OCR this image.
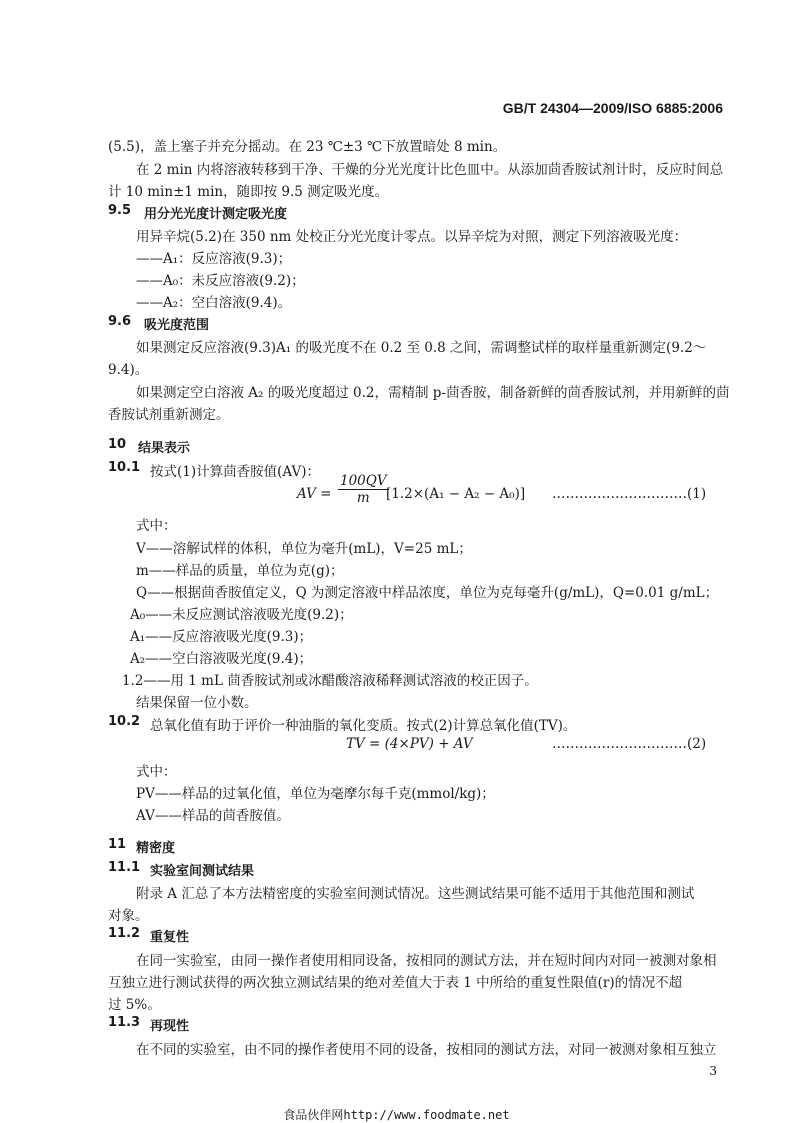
GB/T 24304—2009/ISO 6885:2006
(5.5)，盖上塞子并充分摇动。在 23 ℃±3 ℃下放置暗处 8 min。
在 2 min 内将溶液转移到干净、干燥的分光光度计比色皿中。从添加茴香胺试剂计时，反应时间总
计 10 min±1 min，随即按 9.5 测定吸光度。
9.5 用分光光度计测定吸光度
用异辛烷(5.2)在 350 nm 处校正分光光度计零点。以异辛烷为对照，测定下列溶液吸光度：
——A₁：反应溶液(9.3)；
——A₀：未反应溶液(9.2)；
——A₂：空白溶液(9.4)。
9.6 吸光度范围
如果测定反应溶液(9.3)A₁ 的吸光度不在 0.2 至 0.8 之间，需调整试样的取样量重新测定(9.2～
9.4)。
如果测定空白溶液 A₂ 的吸光度超过 0.2，需精制 p-茴香胺，制备新鲜的茴香胺试剂，并用新鲜的茴
香胺试剂重新测定。
10 结果表示
10.1 按式(1)计算茴香胺值(AV)：
AV = $\frac{100QV}{m}$
[1.2×(A₁ − A₂ − A₀)] …………………………(1)
式中：
V——溶解试样的体积，单位为毫升(mL)，V=25 mL；
m——样品的质量，单位为克(g)；
Q——根据茴香胺值定义，Q 为测定溶液中样品浓度，单位为克每毫升(g/mL)，Q=0.01 g/mL；
A₀——未反应测试溶液吸光度(9.2)；
A₁——反应溶液吸光度(9.3)；
A₂——空白溶液吸光度(9.4)；
1.2——用 1 mL 茴香胺试剂或冰醋酸溶液稀释测试溶液的校正因子。
结果保留一位小数。
10.2 总氧化值有助于评价一种油脂的氧化变质。按式(2)计算总氧化值(TV)。
TV = (4×PV) + AV	…………………………(2)
式中：
PV——样品的过氧化值，单位为毫摩尔每千克(mmol/kg)；
AV——样品的茴香胺值。
11 精密度
11.1 实验室间测试结果
附录 A 汇总了本方法精密度的实验室间测试情况。这些测试结果可能不适用于其他范围和测试
对象。
11.2 重复性
在同一实验室，由同一操作者使用相同设备，按相同的测试方法，并在短时间内对同一被测对象相
互独立进行测试获得的两次独立测试结果的绝对差值大于表 1 中所给的重复性限值(r)的情况不超
过 5%。
11.3 再现性
在不同的实验室，由不同的操作者使用不同的设备，按相同的测试方法，对同一被测对象相互独立
3
食品伙伴网http://www.foodmate.net
